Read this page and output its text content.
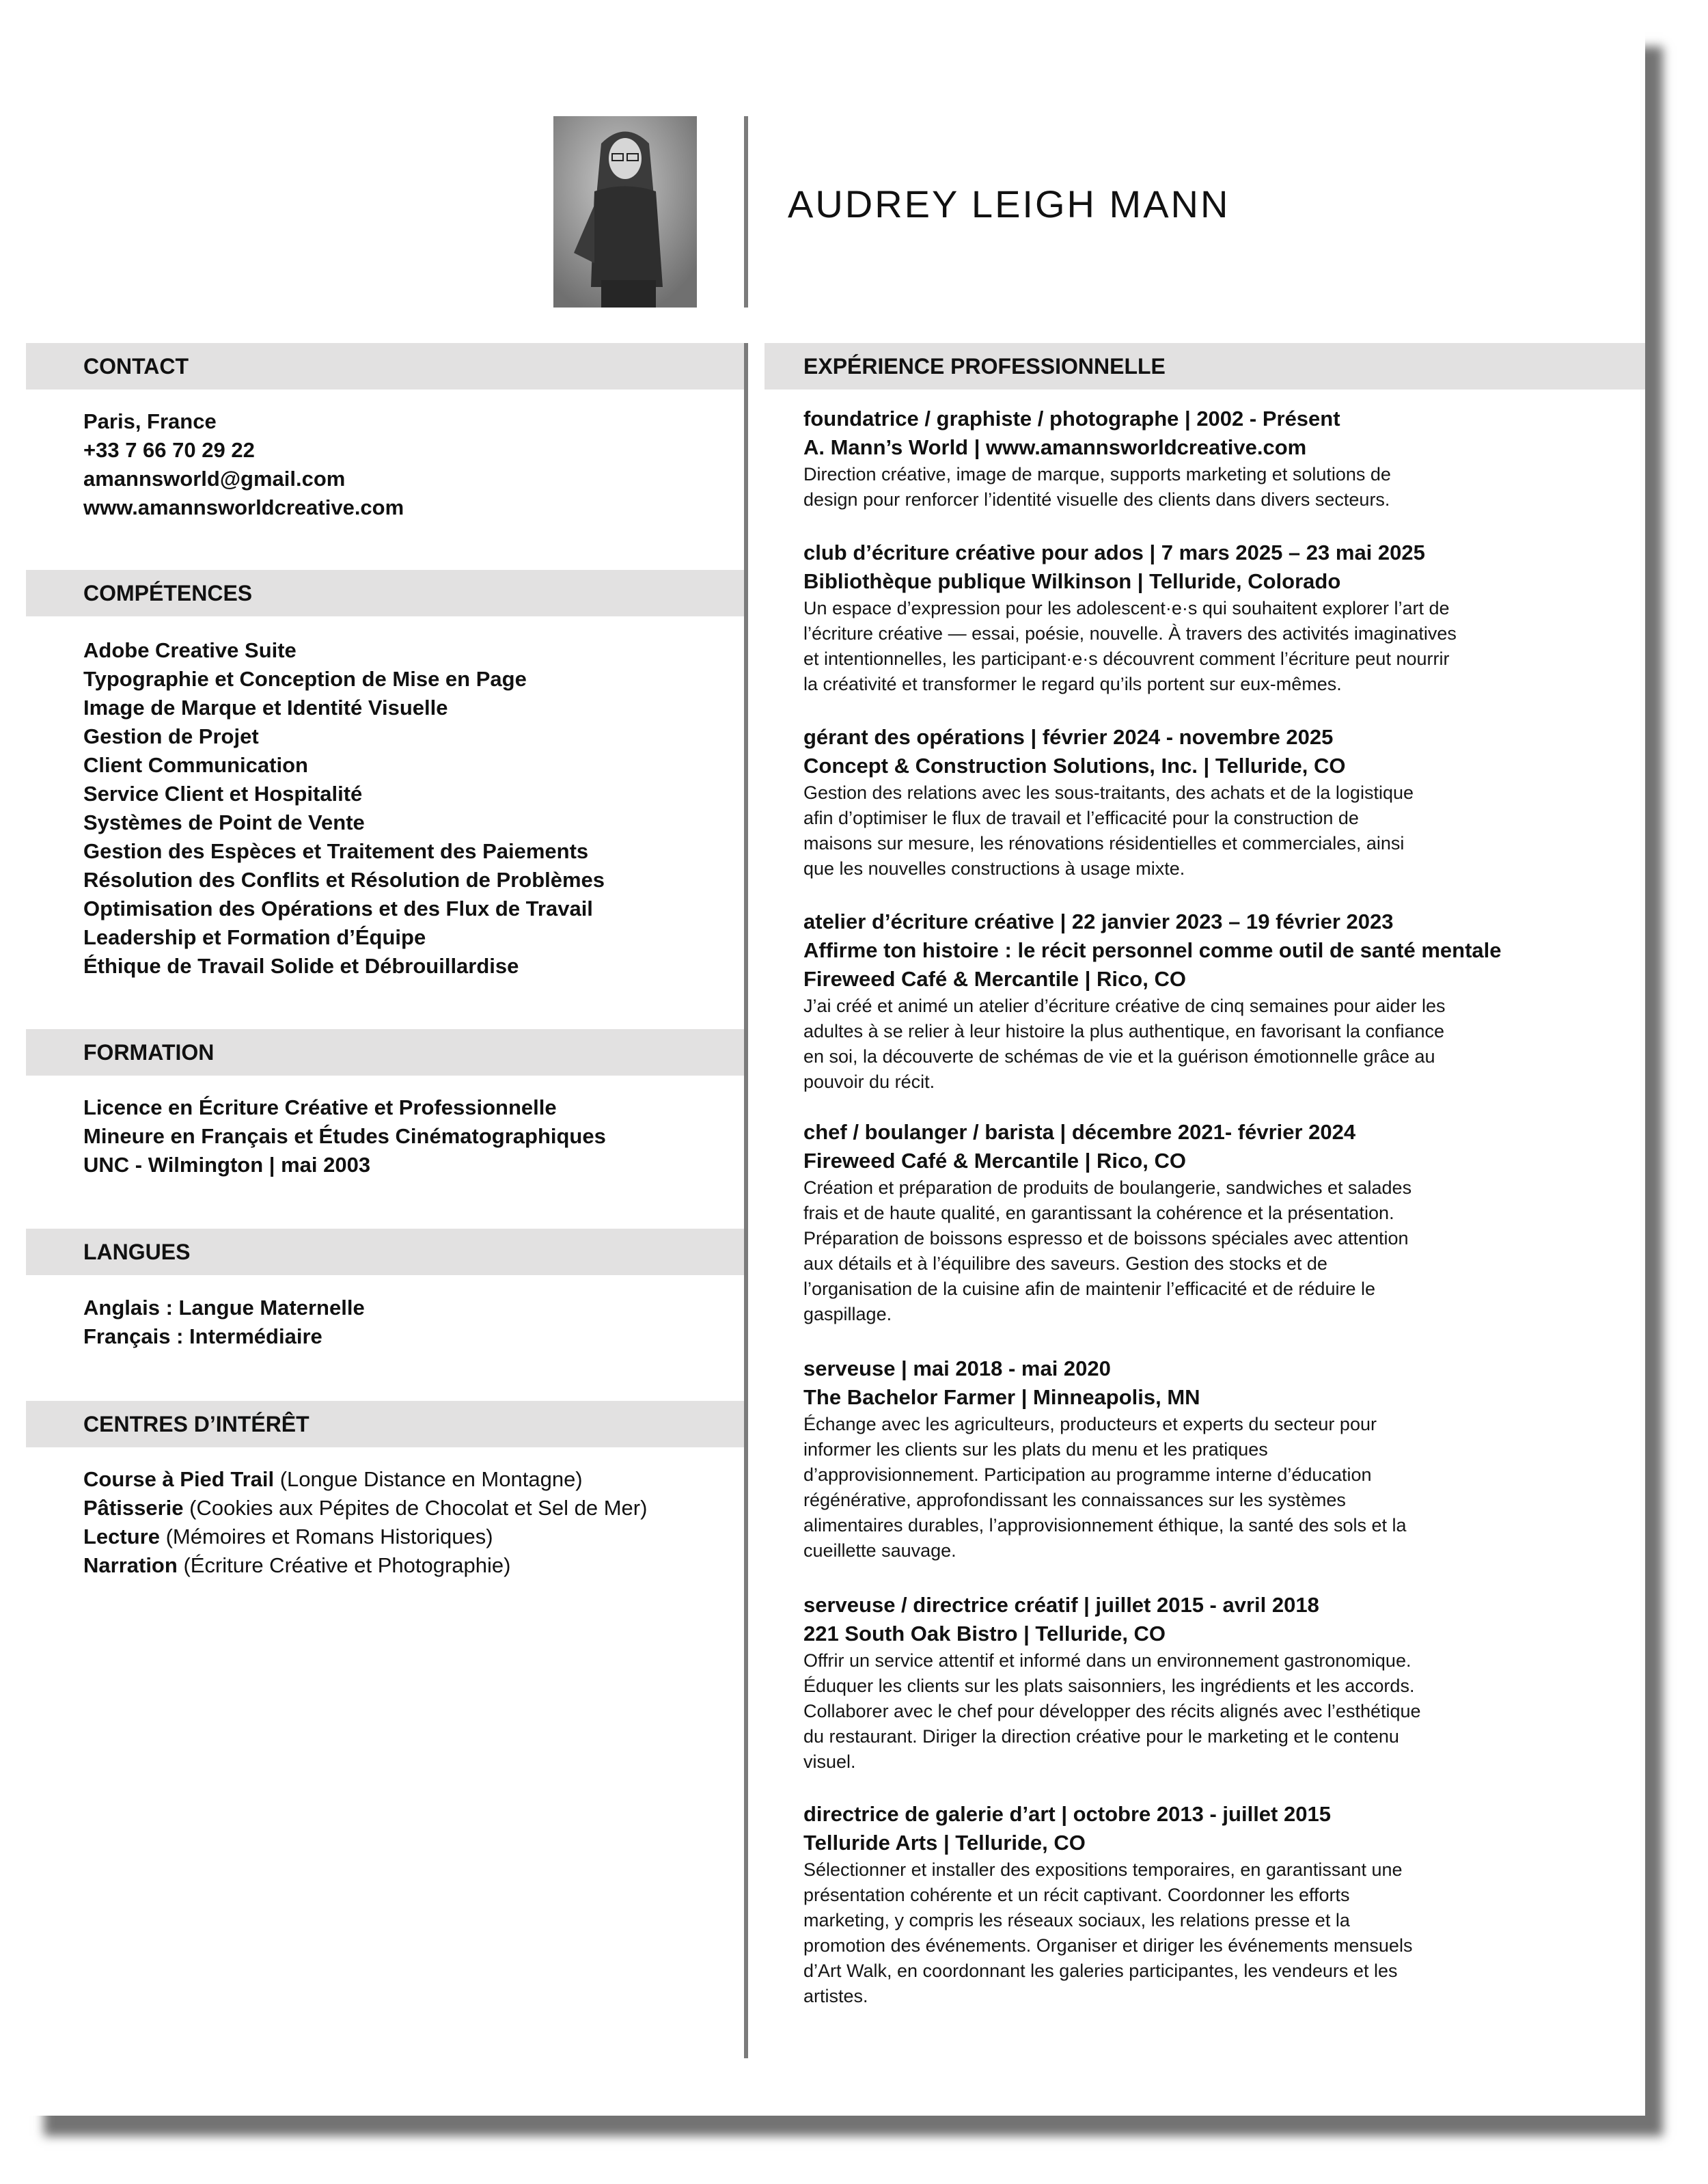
AUDREY LEIGH MANN
CONTACT	EXPÉRIENCE PROFESSIONNELLE
Paris, France
+33 7 66 70 29 22
amannsworld@gmail.com
www.amannsworldcreative.com
COMPÉTENCES
Adobe Creative Suite
Typographie et Conception de Mise en Page
Image de Marque et Identité Visuelle
Gestion de Projet
Client Communication
Service Client et Hospitalité
Systèmes de Point de Vente
Gestion des Espèces et Traitement des Paiements
Résolution des Conflits et Résolution de Problèmes
Optimisation des Opérations et des Flux de Travail
Leadership et Formation d’Équipe
Éthique de Travail Solide et Débrouillardise
FORMATION
Licence en Écriture Créative et Professionnelle
Mineure en Français et Études Cinématographiques
UNC - Wilmington | mai 2003
LANGUES
Anglais : Langue Maternelle
Français : Intermédiaire
CENTRES D’INTÉRÊT
Course à Pied Trail (Longue Distance en Montagne)
Pâtisserie (Cookies aux Pépites de Chocolat et Sel de Mer)
Lecture (Mémoires et Romans Historiques)
Narration (Écriture Créative et Photographie)
foundatrice / graphiste / photographe | 2002 - Présent
A. Mann’s World | www.amannsworldcreative.com
Direction créative, image de marque, supports marketing et solutions de
design pour renforcer l’identité visuelle des clients dans divers secteurs.
club d’écriture créative pour ados | 7 mars 2025 – 23 mai 2025
Bibliothèque publique Wilkinson | Telluride, Colorado
Un espace d’expression pour les adolescent·e·s qui souhaitent explorer l’art de
l’écriture créative — essai, poésie, nouvelle. À travers des activités imaginatives
et intentionnelles, les participant·e·s découvrent comment l’écriture peut nourrir
la créativité et transformer le regard qu’ils portent sur eux-mêmes.
gérant des opérations | février 2024 - novembre 2025
Concept & Construction Solutions, Inc. | Telluride, CO
Gestion des relations avec les sous-traitants, des achats et de la logistique
afin d’optimiser le flux de travail et l’efficacité pour la construction de
maisons sur mesure, les rénovations résidentielles et commerciales, ainsi
que les nouvelles constructions à usage mixte.
atelier d’écriture créative | 22 janvier 2023 – 19 février 2023
Affirme ton histoire : le récit personnel comme outil de santé mentale
Fireweed Café & Mercantile | Rico, CO
J’ai créé et animé un atelier d’écriture créative de cinq semaines pour aider les
adultes à se relier à leur histoire la plus authentique, en favorisant la confiance
en soi, la découverte de schémas de vie et la guérison émotionnelle grâce au
pouvoir du récit.
chef / boulanger / barista | décembre 2021- février 2024
Fireweed Café & Mercantile | Rico, CO
Création et préparation de produits de boulangerie, sandwiches et salades
frais et de haute qualité, en garantissant la cohérence et la présentation.
Préparation de boissons espresso et de boissons spéciales avec attention
aux détails et à l’équilibre des saveurs. Gestion des stocks et de
l’organisation de la cuisine afin de maintenir l’efficacité et de réduire le
gaspillage.
serveuse | mai 2018 - mai 2020
The Bachelor Farmer | Minneapolis, MN
Échange avec les agriculteurs, producteurs et experts du secteur pour
informer les clients sur les plats du menu et les pratiques
d’approvisionnement. Participation au programme interne d’éducation
régénérative, approfondissant les connaissances sur les systèmes
alimentaires durables, l’approvisionnement éthique, la santé des sols et la
cueillette sauvage.
serveuse / directrice créatif | juillet 2015 - avril 2018
221 South Oak Bistro | Telluride, CO
Offrir un service attentif et informé dans un environnement gastronomique.
Éduquer les clients sur les plats saisonniers, les ingrédients et les accords.
Collaborer avec le chef pour développer des récits alignés avec l’esthétique
du restaurant. Diriger la direction créative pour le marketing et le contenu
visuel.
directrice de galerie d’art | octobre 2013 - juillet 2015
Telluride Arts | Telluride, CO
Sélectionner et installer des expositions temporaires, en garantissant une
présentation cohérente et un récit captivant. Coordonner les efforts
marketing, y compris les réseaux sociaux, les relations presse et la
promotion des événements. Organiser et diriger les événements mensuels
d’Art Walk, en coordonnant les galeries participantes, les vendeurs et les
artistes.
